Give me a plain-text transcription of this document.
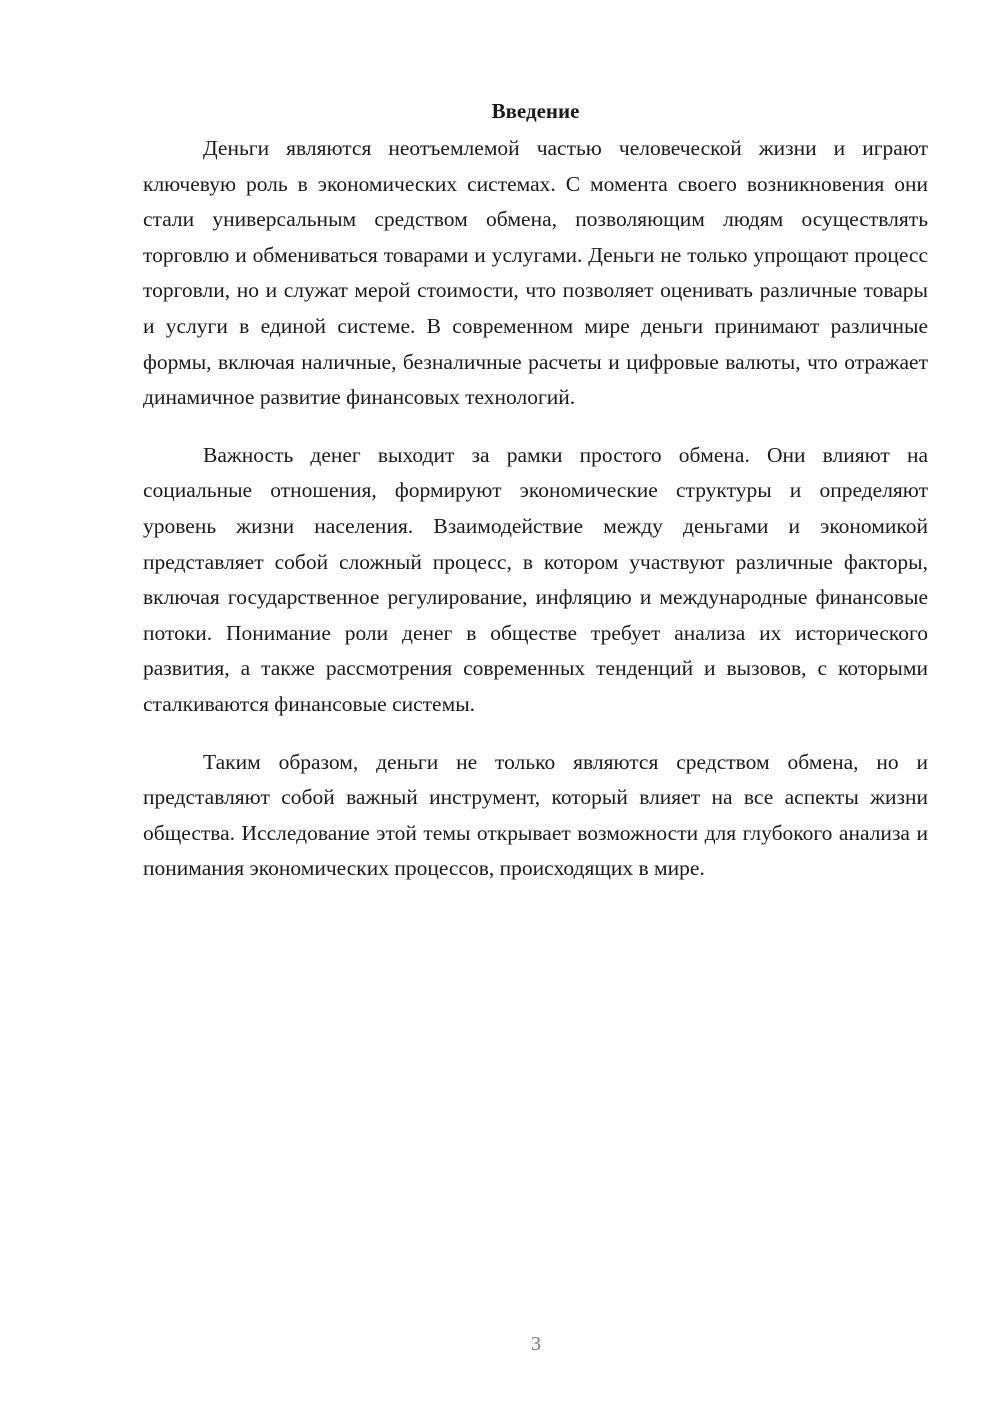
Введение

Деньги являются неотъемлемой частью человеческой жизни и играют ключевую роль в экономических системах. С момента своего возникновения они стали универсальным средством обмена, позволяющим людям осуществлять торговлю и обмениваться товарами и услугами. Деньги не только упрощают процесс торговли, но и служат мерой стоимости, что позволяет оценивать различные товары и услуги в единой системе. В современном мире деньги принимают различные формы, включая наличные, безналичные расчеты и цифровые валюты, что отражает динамичное развитие финансовых технологий.

Важность денег выходит за рамки простого обмена. Они влияют на социальные отношения, формируют экономические структуры и определяют уровень жизни населения. Взаимодействие между деньгами и экономикой представляет собой сложный процесс, в котором участвуют различные факторы, включая государственное регулирование, инфляцию и международные финансовые потоки. Понимание роли денег в обществе требует анализа их исторического развития, а также рассмотрения современных тенденций и вызовов, с которыми сталкиваются финансовые системы.

Таким образом, деньги не только являются средством обмена, но и представляют собой важный инструмент, который влияет на все аспекты жизни общества. Исследование этой темы открывает возможности для глубокого анализа и понимания экономических процессов, происходящих в мире.

3
